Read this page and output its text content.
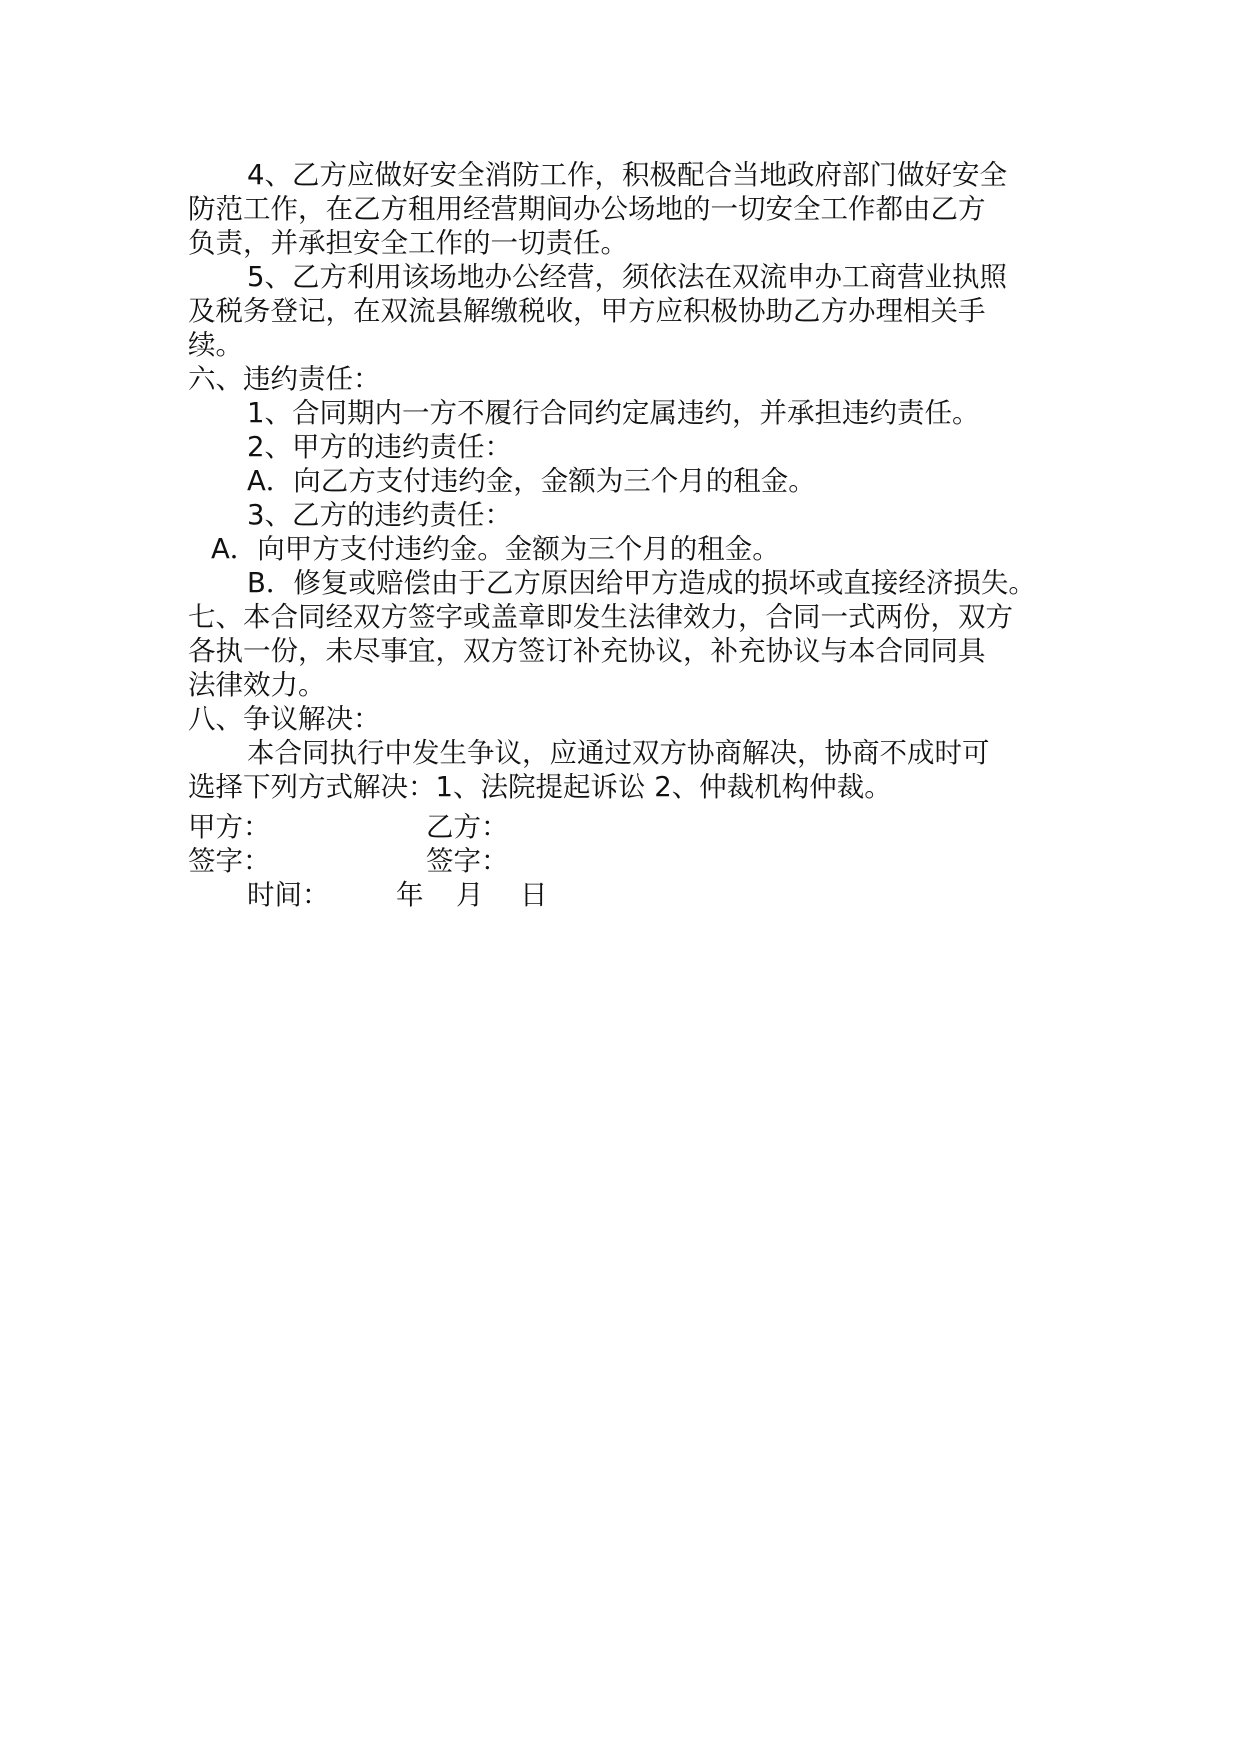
4、乙方应做好安全消防工作，积极配合当地政府部门做好安全
防范工作，在乙方租用经营期间办公场地的一切安全工作都由乙方
负责，并承担安全工作的一切责任。
5、乙方利用该场地办公经营，须依法在双流申办工商营业执照
及税务登记，在双流县解缴税收，甲方应积极协助乙方办理相关手
续。
六、违约责任：
1、合同期内一方不履行合同约定属违约，并承担违约责任。
2、甲方的违约责任：
A．向乙方支付违约金，金额为三个月的租金。
3、乙方的违约责任：
A．向甲方支付违约金。金额为三个月的租金。
B．修复或赔偿由于乙方原因给甲方造成的损坏或直接经济损失。
七、本合同经双方签字或盖章即发生法律效力，合同一式两份，双方
各执一份，未尽事宜，双方签订补充协议，补充协议与本合同同具
法律效力。
八、争议解决：
本合同执行中发生争议，应通过双方协商解决，协商不成时可
选择下列方式解决：1、法院提起诉讼 2、仲裁机构仲裁。
甲方：	乙方：
签字：	签字：
时间： 年 月 日
